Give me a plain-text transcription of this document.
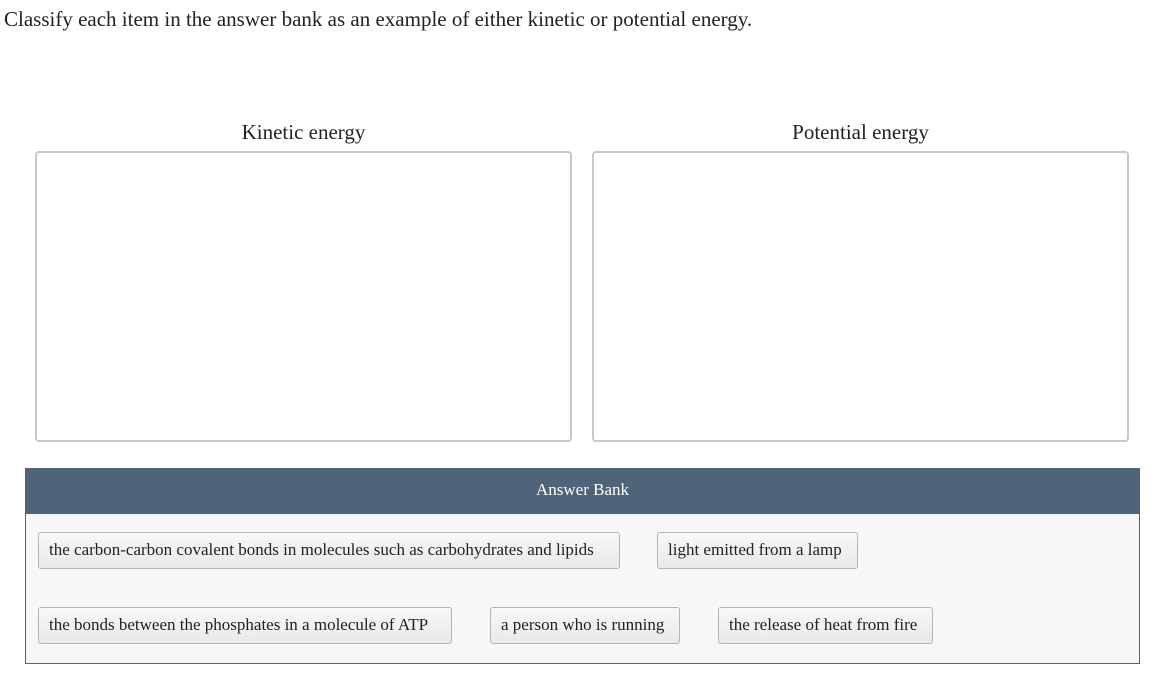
Classify each item in the answer bank as an example of either kinetic or potential energy.
Kinetic energy	Potential energy
Answer Bank
the carbon-carbon covalent bonds in molecules such as carbohydrates and lipids	light emitted from a lamp
the bonds between the phosphates in a molecule of ATP	a person who is running	the release of heat from fire
